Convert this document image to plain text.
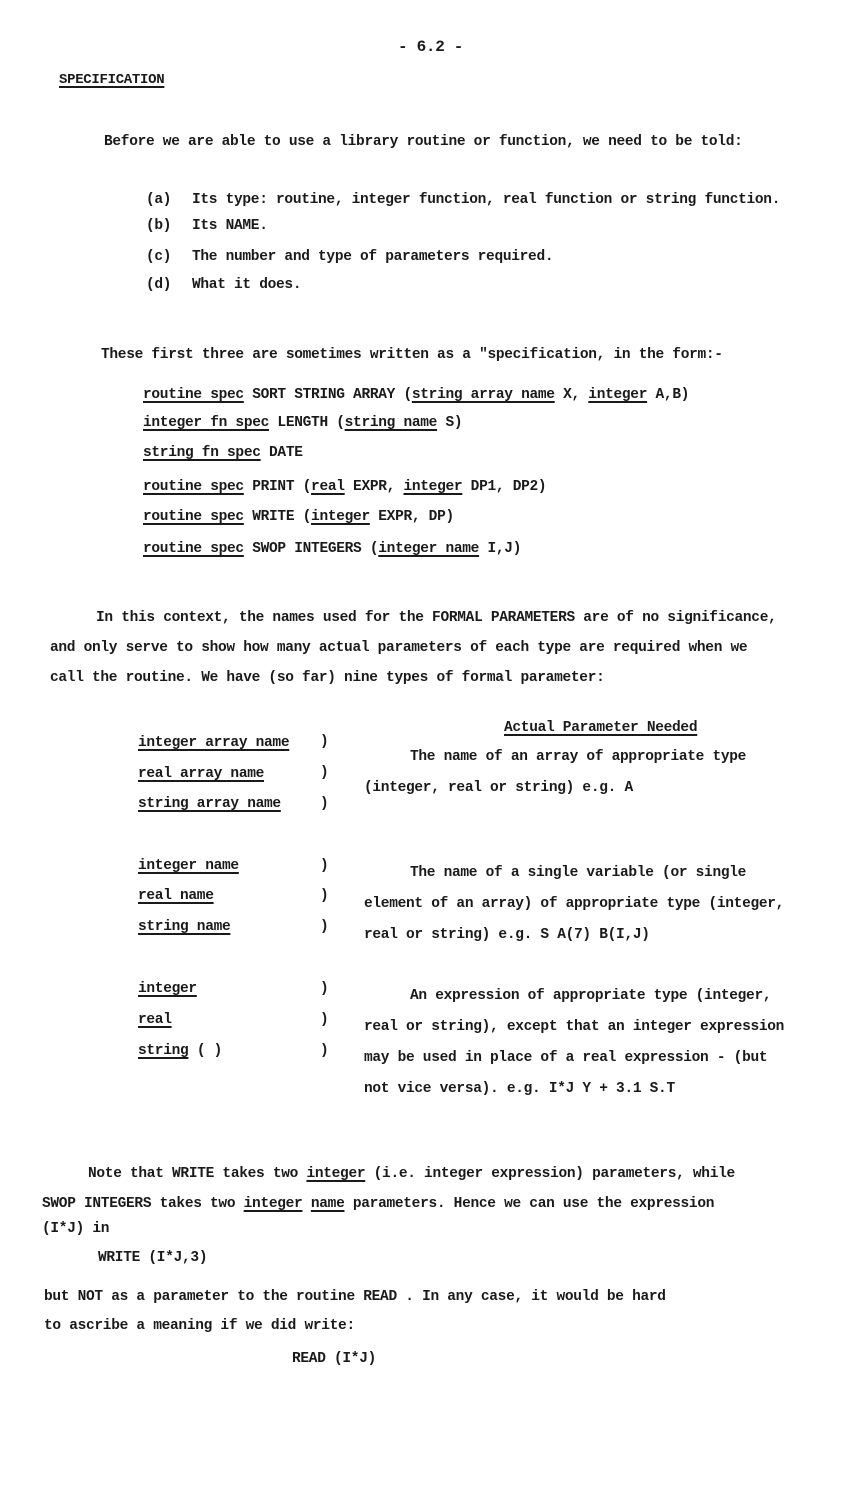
- 6.2 -
SPECIFICATION
Before we are able to use a library routine or function, we need to be told:
(a) Its type: routine, integer function, real function or string function.
(b) Its NAME.
(c) The number and type of parameters required.
(d) What it does.
These first three are sometimes written as a "specification, in the form:-
routine spec SORT STRING ARRAY (string array name X, integer A,B)
integer fn spec LENGTH (string name S)
string fn spec DATE
routine spec PRINT (real EXPR, integer DP1, DP2)
routine spec WRITE (integer EXPR, DP)
routine spec SWOP INTEGERS (integer name I,J)
In this context, the names used for the FORMAL PARAMETERS are of no significance,
and only serve to show how many actual parameters of each type are required when we
call the routine. We have (so far) nine types of formal parameter:
Actual Parameter Needed
integer array name
real array name
string array name
)
)
)
The name of an array of appropriate type
(integer, real or string) e.g. A
integer name
real name
string name
)
)
)
The name of a single variable (or single
element of an array) of appropriate type (integer,
real or string) e.g. S A(7) B(I,J)
integer
real
string ( )
)
)
)
An expression of appropriate type (integer,
real or string), except that an integer expression
may be used in place of a real expression - (but
not vice versa). e.g. I*J Y + 3.1 S.T
Note that WRITE takes two integer (i.e. integer expression) parameters, while
SWOP INTEGERS takes two integer name parameters. Hence we can use the expression
(I*J) in
WRITE (I*J,3)
but NOT as a parameter to the routine READ . In any case, it would be hard
to ascribe a meaning if we did write:
READ (I*J)
